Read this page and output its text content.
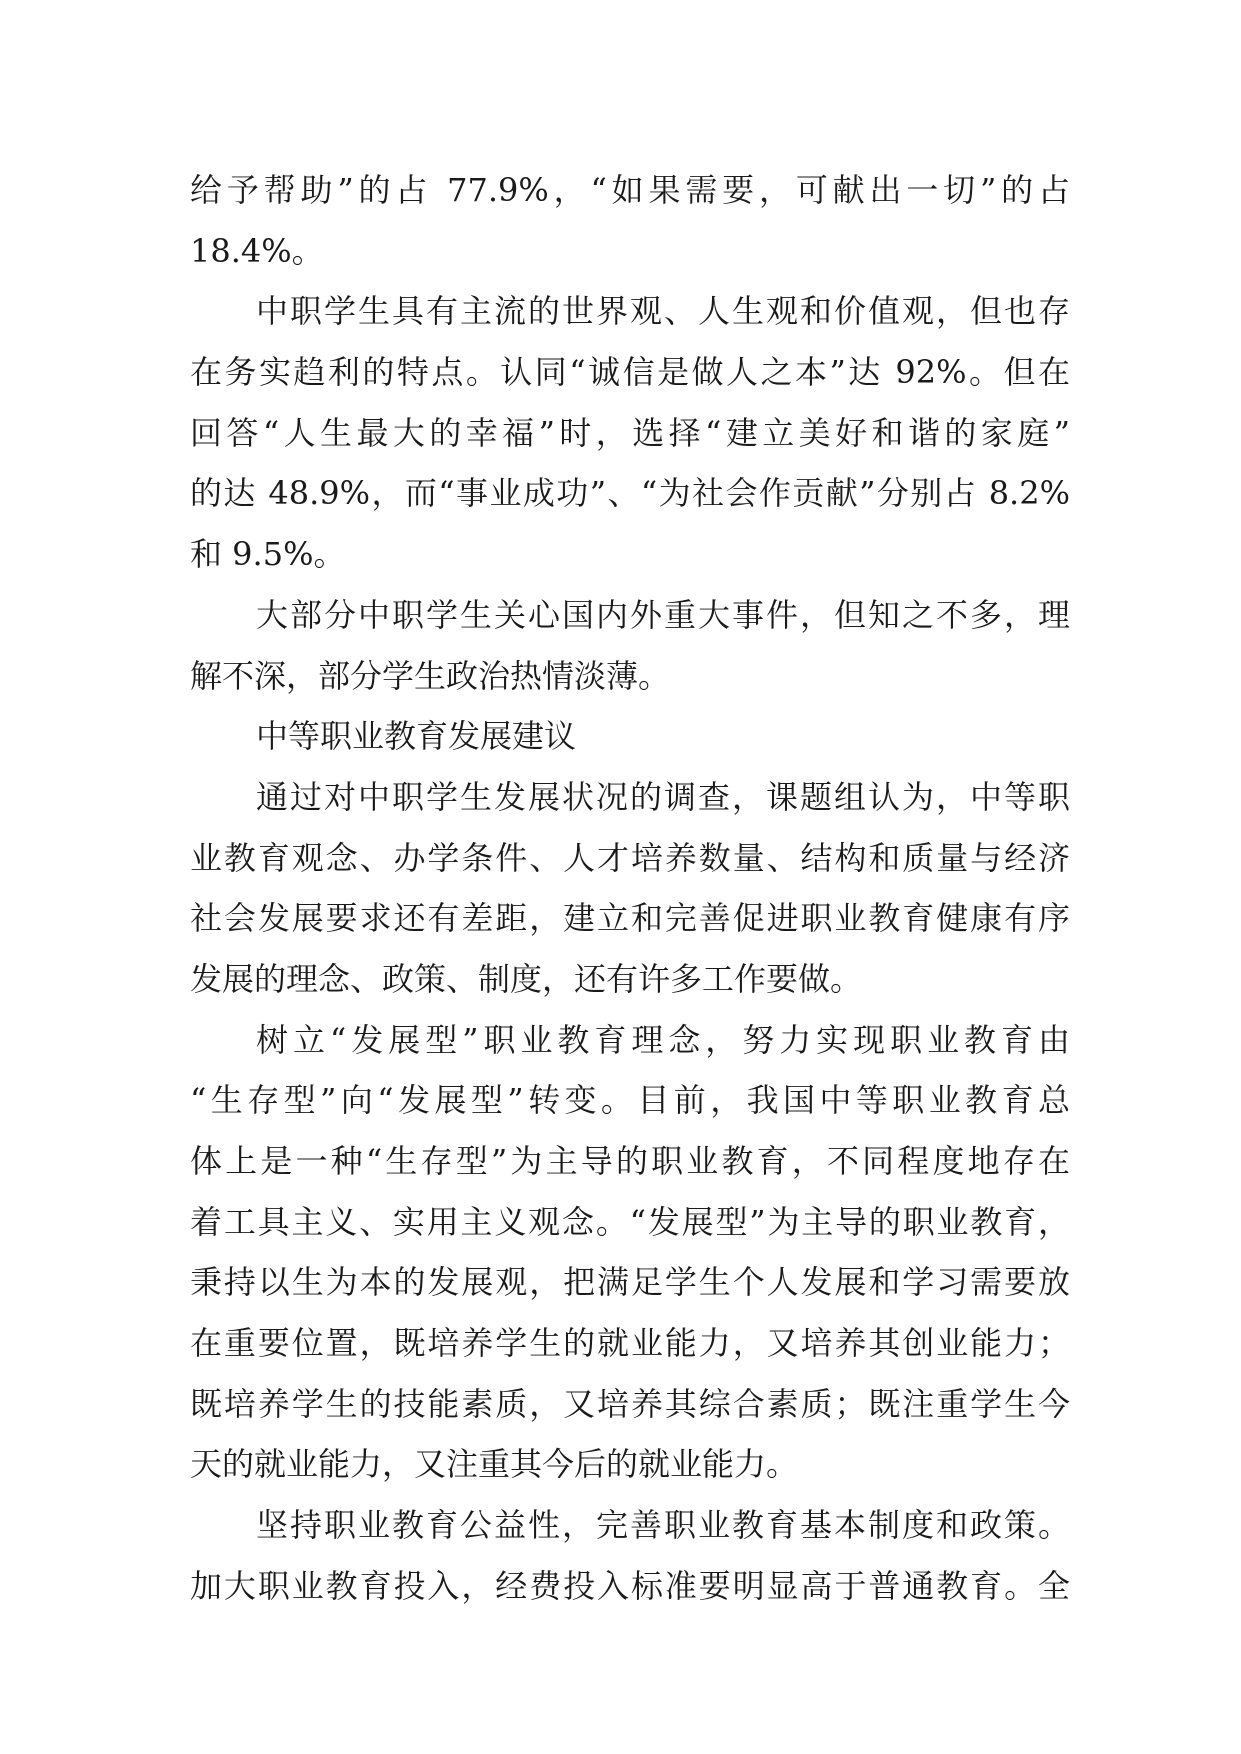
给予帮助”的占 77.9%，“如果需要，可献出一切”的占
18.4%。
中职学生具有主流的世界观、人生观和价值观，但也存
在务实趋利的特点。认同“诚信是做人之本”达 92%。但在
回答“人生最大的幸福”时，选择“建立美好和谐的家庭”
的达 48.9%，而“事业成功”、“为社会作贡献”分别占 8.2%
和 9.5%。
大部分中职学生关心国内外重大事件，但知之不多，理
解不深，部分学生政治热情淡薄。
中等职业教育发展建议
通过对中职学生发展状况的调查，课题组认为，中等职
业教育观念、办学条件、人才培养数量、结构和质量与经济
社会发展要求还有差距，建立和完善促进职业教育健康有序
发展的理念、政策、制度，还有许多工作要做。
树立“发展型”职业教育理念，努力实现职业教育由
“生存型”向“发展型”转变。目前，我国中等职业教育总
体上是一种“生存型”为主导的职业教育，不同程度地存在
着工具主义、实用主义观念。“发展型”为主导的职业教育，
秉持以生为本的发展观，把满足学生个人发展和学习需要放
在重要位置，既培养学生的就业能力，又培养其创业能力；
既培养学生的技能素质，又培养其综合素质；既注重学生今
天的就业能力，又注重其今后的就业能力。
坚持职业教育公益性，完善职业教育基本制度和政策。
加大职业教育投入，经费投入标准要明显高于普通教育。全
